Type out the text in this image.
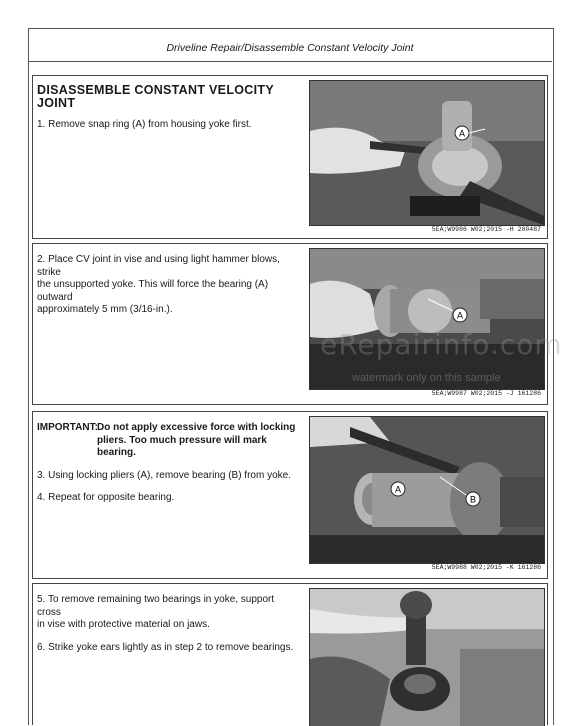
Driveline Repair/Disassemble Constant Velocity Joint
DISASSEMBLE CONSTANT VELOCITY JOINT

1. Remove snap ring (A) from housing yoke first.

A
5EA;W9986 W02;2015 -H 200487

2. Place CV joint in vise and using light hammer blows, strike

the unsupported yoke. This will force the bearing (A) outward

approximately 5 mm (3/16-in.).

A
5EA;W9987 W02;2015 -J 161286
IMPORTANT: Do not apply excessive force with locking
pliers. Too much pressure will mark
bearing.

3. Using locking pliers (A), remove bearing (B) from yoke.

4. Repeat for opposite bearing.

A
B
5EA;W9988 W02;2015 -K 161286

5. To remove remaining two bearings in yoke, support cross

in vise with protective material on jaws.

6. Strike yoke ears lightly as in step 2 to remove bearings.

eRepairinfo.com
watermark only on this sample
